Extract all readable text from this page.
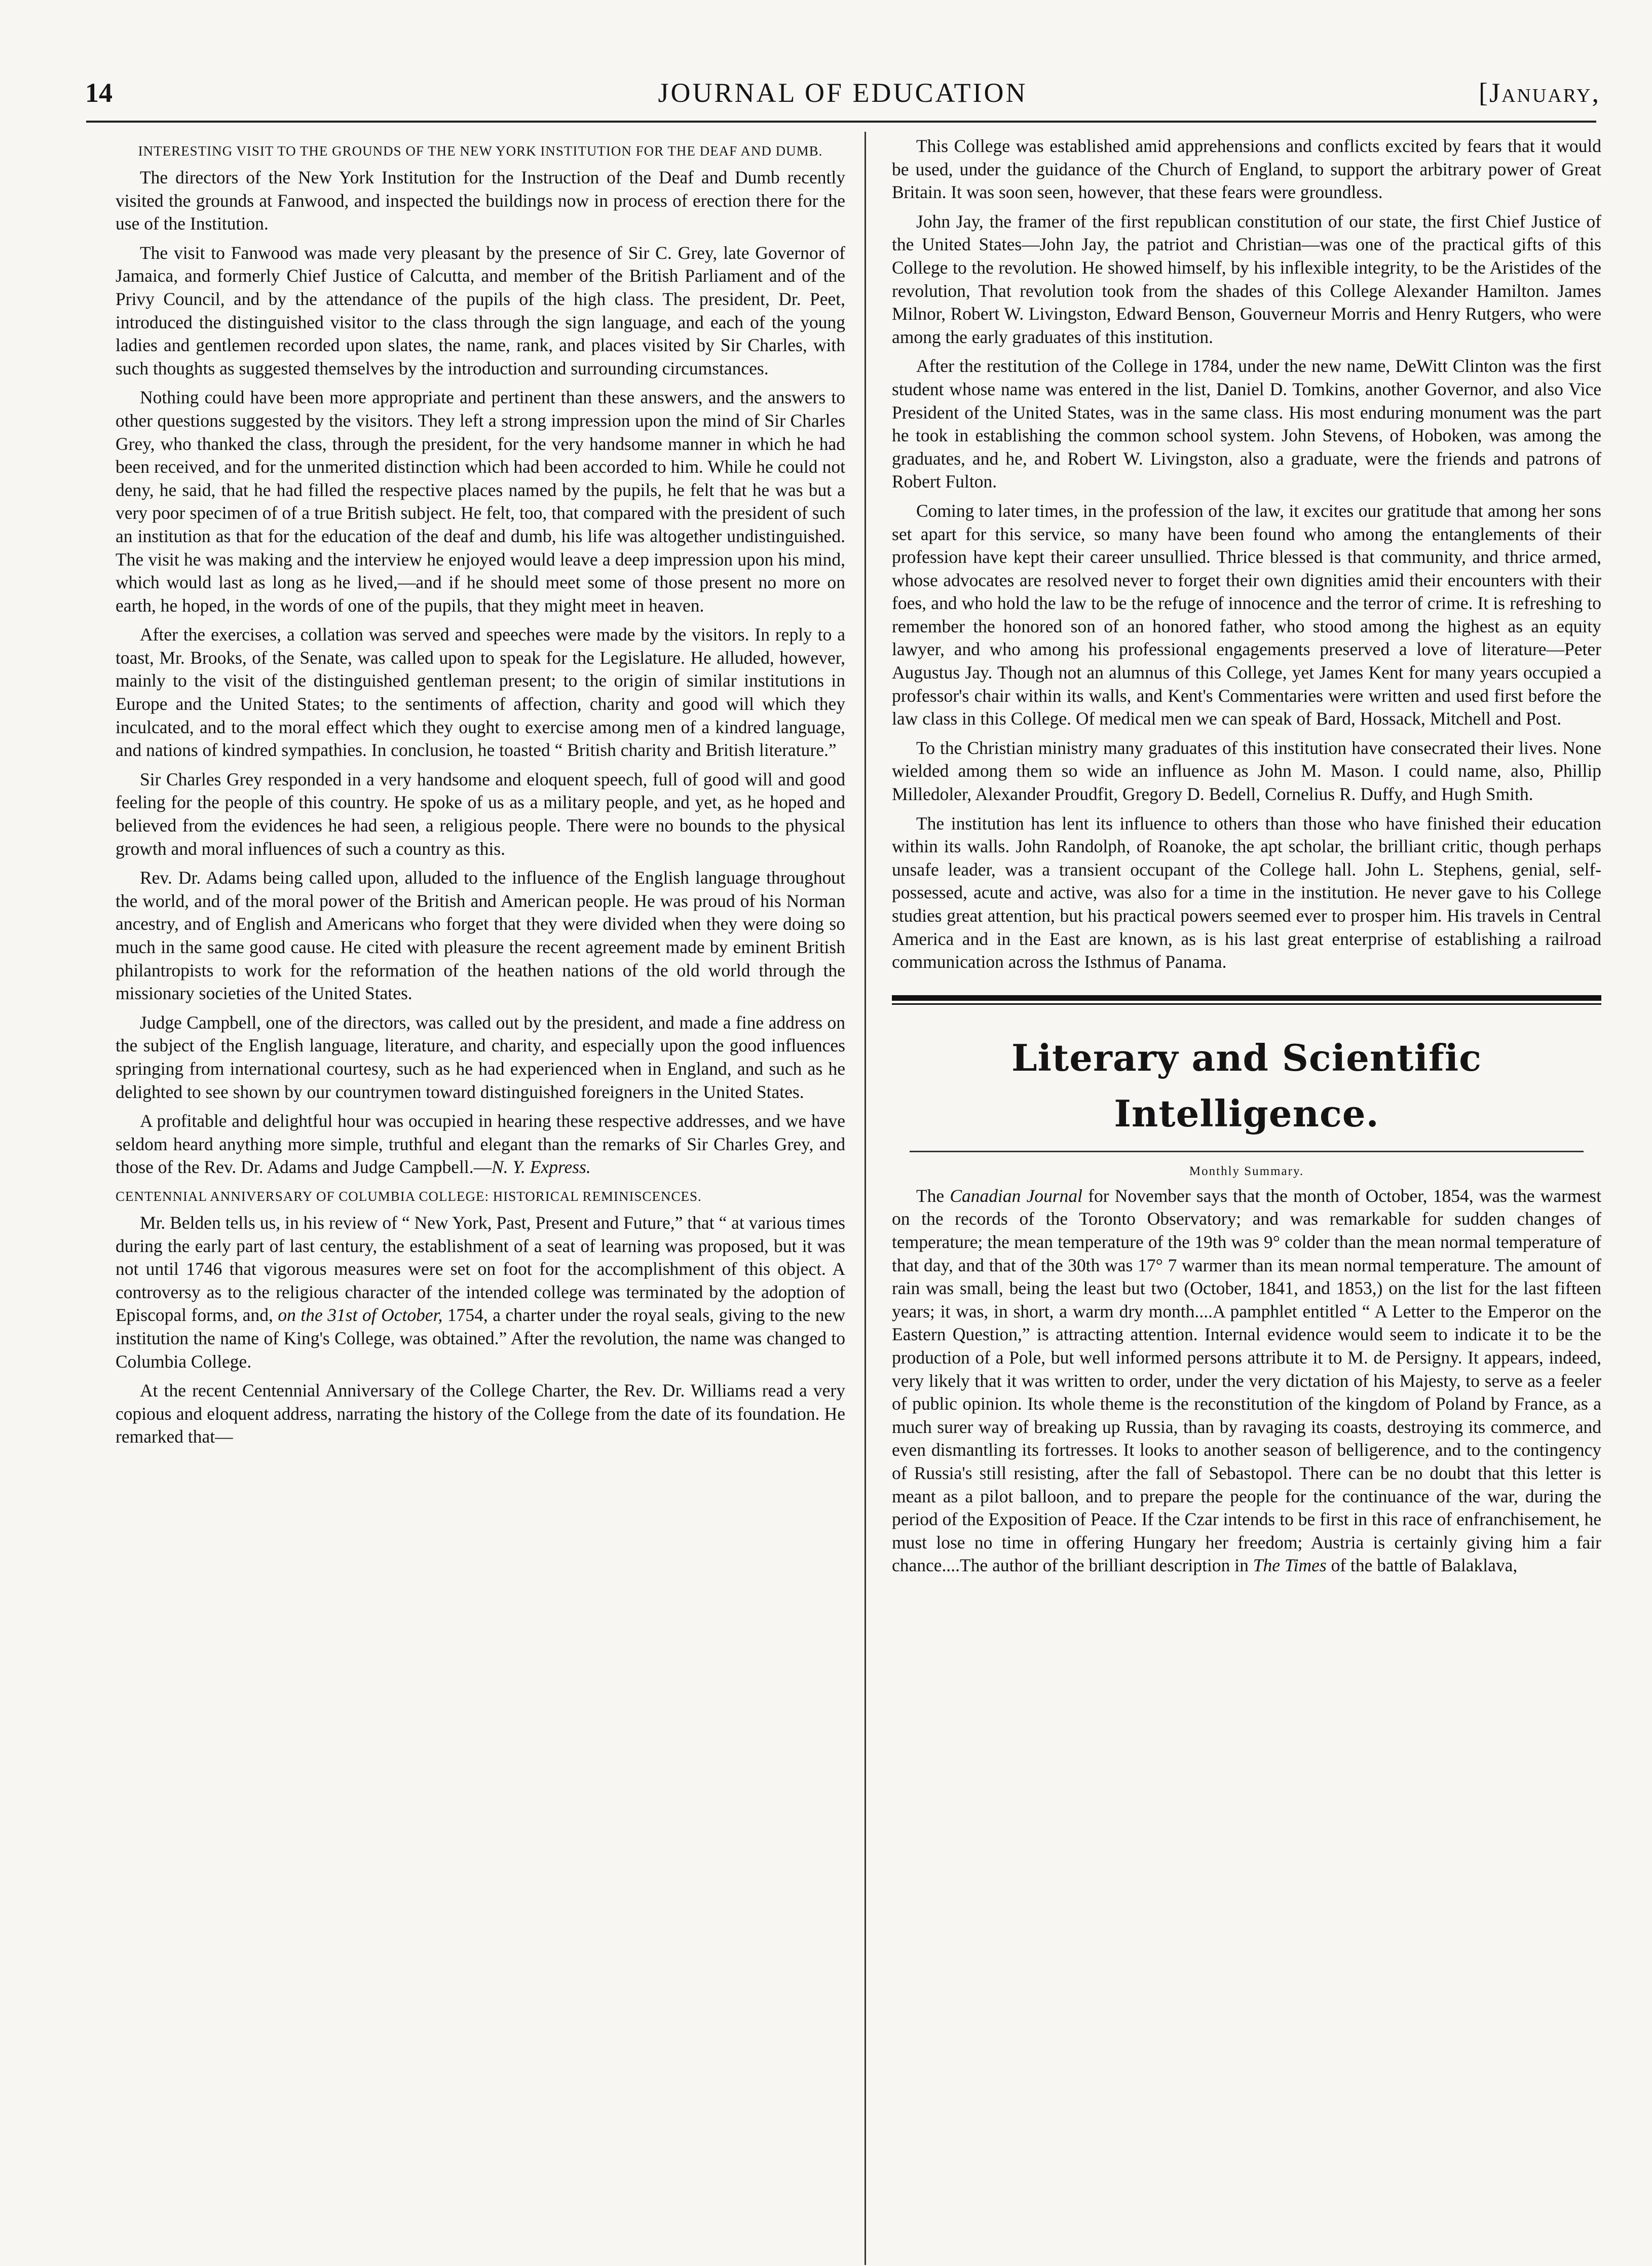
14	JOURNAL OF EDUCATION	[January,
INTERESTING VISIT TO THE GROUNDS OF THE NEW YORK INSTITUTION FOR THE DEAF AND DUMB.

The directors of the New York Institution for the Instruction of the Deaf and Dumb recently visited the grounds at Fanwood, and inspected the buildings now in process of erection there for the use of the Institution.

The visit to Fanwood was made very pleasant by the presence of Sir C. Grey, late Governor of Jamaica, and formerly Chief Justice of Calcutta, and member of the British Parliament and of the Privy Council, and by the attendance of the pupils of the high class. The president, Dr. Peet, introduced the distinguished visitor to the class through the sign language, and each of the young ladies and gentlemen recorded upon slates, the name, rank, and places visited by Sir Charles, with such thoughts as suggested themselves by the introduction and surrounding circumstances.

Nothing could have been more appropriate and pertinent than these answers, and the answers to other questions suggested by the visitors. They left a strong impression upon the mind of Sir Charles Grey, who thanked the class, through the president, for the very handsome manner in which he had been received, and for the unmerited distinction which had been accorded to him. While he could not deny, he said, that he had filled the respective places named by the pupils, he felt that he was but a very poor specimen of of a true British subject. He felt, too, that compared with the president of such an institution as that for the education of the deaf and dumb, his life was altogether undistinguished. The visit he was making and the interview he enjoyed would leave a deep impression upon his mind, which would last as long as he lived,—and if he should meet some of those present no more on earth, he hoped, in the words of one of the pupils, that they might meet in heaven.

After the exercises, a collation was served and speeches were made by the visitors. In reply to a toast, Mr. Brooks, of the Senate, was called upon to speak for the Legislature. He alluded, however, mainly to the visit of the distinguished gentleman present; to the origin of similar institutions in Europe and the United States; to the sentiments of affection, charity and good will which they inculcated, and to the moral effect which they ought to exercise among men of a kindred language, and nations of kindred sympathies. In conclusion, he toasted “ British charity and British literature.”

Sir Charles Grey responded in a very handsome and eloquent speech, full of good will and good feeling for the people of this country. He spoke of us as a military people, and yet, as he hoped and believed from the evidences he had seen, a religious people. There were no bounds to the physical growth and moral influences of such a country as this.

Rev. Dr. Adams being called upon, alluded to the influence of the English language throughout the world, and of the moral power of the British and American people. He was proud of his Norman ancestry, and of English and Americans who forget that they were divided when they were doing so much in the same good cause. He cited with pleasure the recent agreement made by eminent British philantropists to work for the reformation of the heathen nations of the old world through the missionary societies of the United States.

Judge Campbell, one of the directors, was called out by the president, and made a fine address on the subject of the English language, literature, and charity, and especially upon the good influences springing from international courtesy, such as he had experienced when in England, and such as he delighted to see shown by our countrymen toward distinguished foreigners in the United States.

A profitable and delightful hour was occupied in hearing these respective addresses, and we have seldom heard anything more simple, truthful and elegant than the remarks of Sir Charles Grey, and those of the Rev. Dr. Adams and Judge Campbell.—N. Y. Express.

CENTENNIAL ANNIVERSARY OF COLUMBIA COLLEGE: HISTORICAL REMINISCENCES.

Mr. Belden tells us, in his review of “ New York, Past, Present and Future,” that “ at various times during the early part of last century, the establishment of a seat of learning was proposed, but it was not until 1746 that vigorous measures were set on foot for the accomplishment of this object. A controversy as to the religious character of the intended college was terminated by the adoption of Episcopal forms, and, on the 31st of October, 1754, a charter under the royal seals, giving to the new institution the name of King's College, was obtained.” After the revolution, the name was changed to Columbia College.

At the recent Centennial Anniversary of the College Charter, the Rev. Dr. Williams read a very copious and eloquent address, narrating the history of the College from the date of its foundation. He remarked that—

This College was established amid apprehensions and conflicts excited by fears that it would be used, under the guidance of the Church of England, to support the arbitrary power of Great Britain. It was soon seen, however, that these fears were groundless.

John Jay, the framer of the first republican constitution of our state, the first Chief Justice of the United States—John Jay, the patriot and Christian—was one of the practical gifts of this College to the revolution. He showed himself, by his inflexible integrity, to be the Aristides of the revolution, That revolution took from the shades of this College Alexander Hamilton. James Milnor, Robert W. Livingston, Edward Benson, Gouverneur Morris and Henry Rutgers, who were among the early graduates of this institution.

After the restitution of the College in 1784, under the new name, DeWitt Clinton was the first student whose name was entered in the list, Daniel D. Tomkins, another Governor, and also Vice President of the United States, was in the same class. His most enduring monument was the part he took in establishing the common school system. John Stevens, of Hoboken, was among the graduates, and he, and Robert W. Livingston, also a graduate, were the friends and patrons of Robert Fulton.

Coming to later times, in the profession of the law, it excites our gratitude that among her sons set apart for this service, so many have been found who among the entanglements of their profession have kept their career unsullied. Thrice blessed is that community, and thrice armed, whose advocates are resolved never to forget their own dignities amid their encounters with their foes, and who hold the law to be the refuge of innocence and the terror of crime. It is refreshing to remember the honored son of an honored father, who stood among the highest as an equity lawyer, and who among his professional engagements preserved a love of literature—Peter Augustus Jay. Though not an alumnus of this College, yet James Kent for many years occupied a professor's chair within its walls, and Kent's Commentaries were written and used first before the law class in this College. Of medical men we can speak of Bard, Hossack, Mitchell and Post.

To the Christian ministry many graduates of this institution have consecrated their lives. None wielded among them so wide an influence as John M. Mason. I could name, also, Phillip Milledoler, Alexander Proudfit, Gregory D. Bedell, Cornelius R. Duffy, and Hugh Smith.

The institution has lent its influence to others than those who have finished their education within its walls. John Randolph, of Roanoke, the apt scholar, the brilliant critic, though perhaps unsafe leader, was a transient occupant of the College hall. John L. Stephens, genial, self-possessed, acute and active, was also for a time in the institution. He never gave to his College studies great attention, but his practical powers seemed ever to prosper him. His travels in Central America and in the East are known, as is his last great enterprise of establishing a railroad communication across the Isthmus of Panama.

Literary and Scientific Intelligence.
Monthly Summary.

The Canadian Journal for November says that the month of October, 1854, was the warmest on the records of the Toronto Observatory; and was remarkable for sudden changes of temperature; the mean temperature of the 19th was 9° colder than the mean normal temperature of that day, and that of the 30th was 17° 7 warmer than its mean normal temperature. The amount of rain was small, being the least but two (October, 1841, and 1853,) on the list for the last fifteen years; it was, in short, a warm dry month....A pamphlet entitled “ A Letter to the Emperor on the Eastern Question,” is attracting attention. Internal evidence would seem to indicate it to be the production of a Pole, but well informed persons attribute it to M. de Persigny. It appears, indeed, very likely that it was written to order, under the very dictation of his Majesty, to serve as a feeler of public opinion. Its whole theme is the reconstitution of the kingdom of Poland by France, as a much surer way of breaking up Russia, than by ravaging its coasts, destroying its commerce, and even dismantling its fortresses. It looks to another season of belligerence, and to the contingency of Russia's still resisting, after the fall of Sebastopol. There can be no doubt that this letter is meant as a pilot balloon, and to prepare the people for the continuance of the war, during the period of the Exposition of Peace. If the Czar intends to be first in this race of enfranchisement, he must lose no time in offering Hungary her freedom; Austria is certainly giving him a fair chance....The author of the brilliant description in The Times of the battle of Balaklava,
